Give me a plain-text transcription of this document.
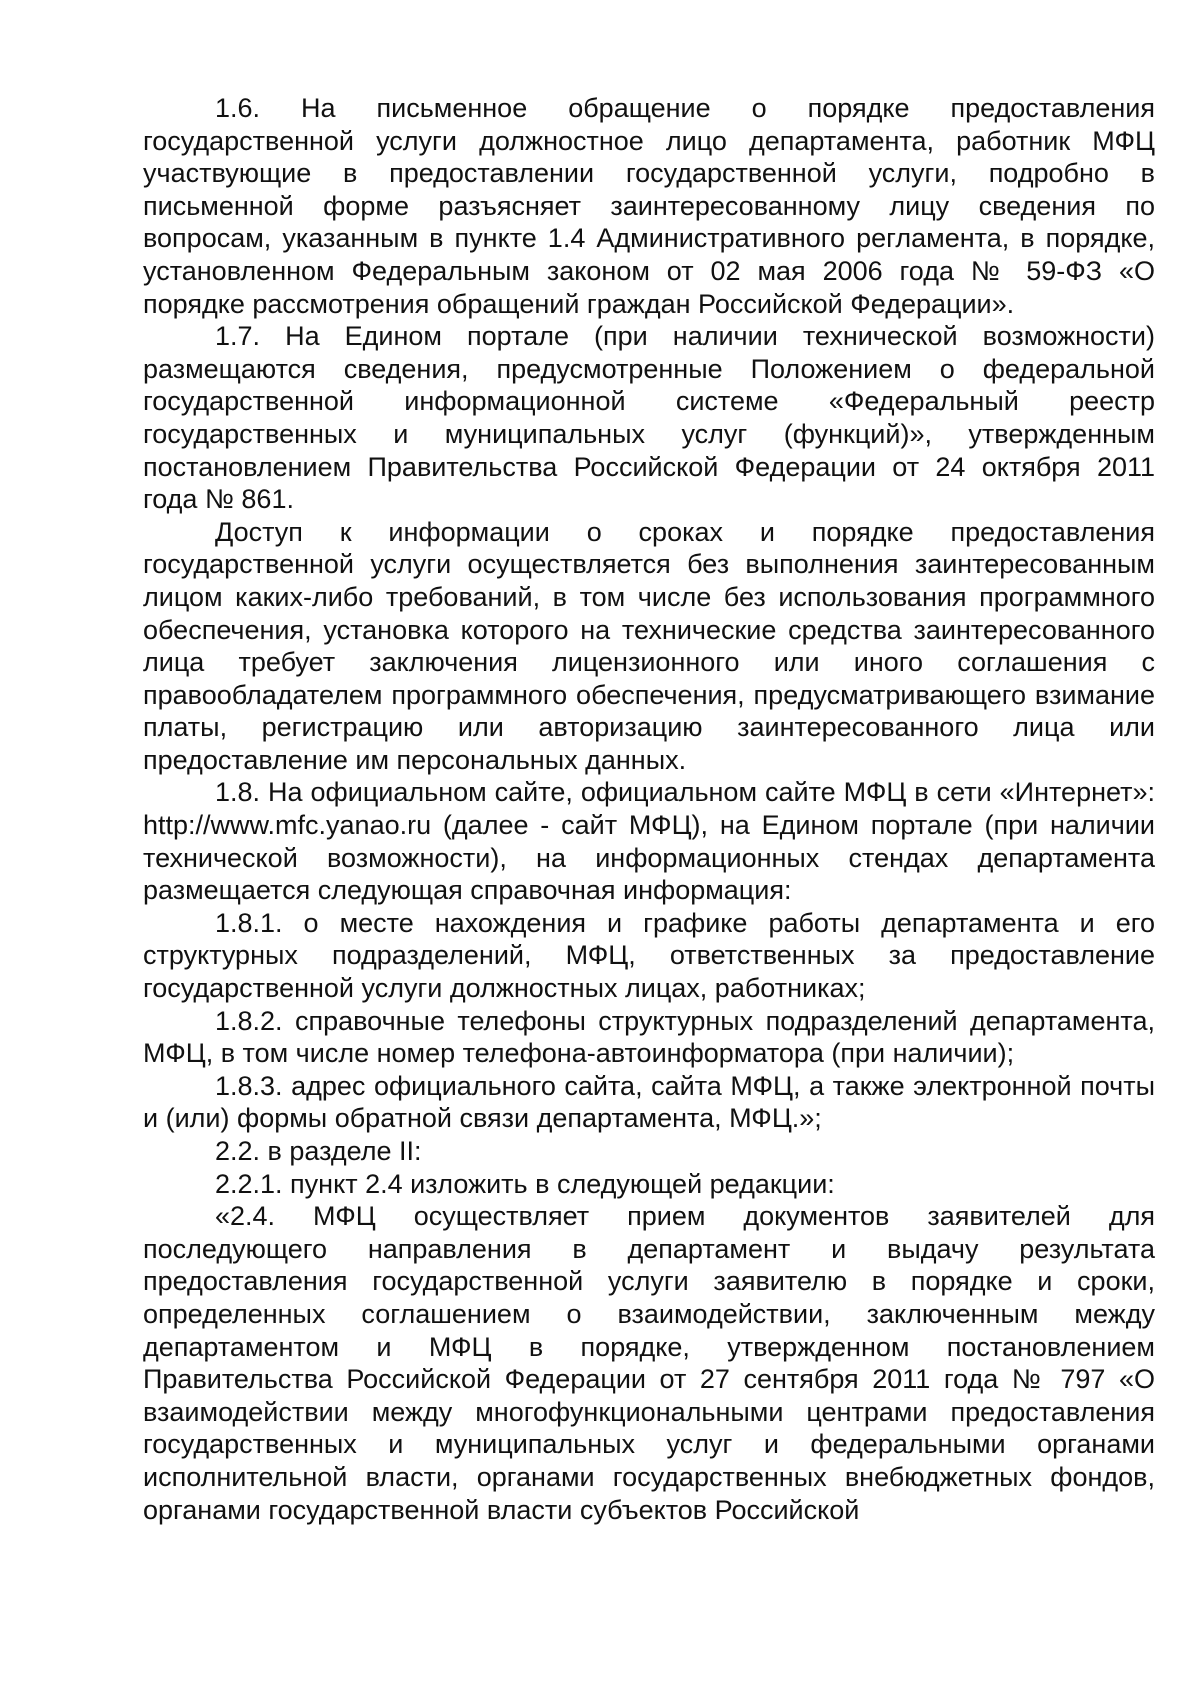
1.6. На письменное обращение о порядке предоставления государственной услуги должностное лицо департамента, работник МФЦ участвующие в предоставлении государственной услуги, подробно в письменной форме разъясняет заинтересованному лицу сведения по вопросам, указанным в пункте 1.4 Административного регламента, в порядке, установленном Федеральным законом от 02 мая 2006 года № 59-ФЗ «О порядке рассмотрения обращений граждан Российской Федерации».

1.7. На Едином портале (при наличии технической возможности) размещаются сведения, предусмотренные Положением о федеральной государственной информационной системе «Федеральный реестр государственных и муниципальных услуг (функций)», утвержденным постановлением Правительства Российской Федерации от 24 октября 2011 года № 861.

Доступ к информации о сроках и порядке предоставления государственной услуги осуществляется без выполнения заинтересованным лицом каких-либо требований, в том числе без использования программного обеспечения, установка которого на технические средства заинтересованного лица требует заключения лицензионного или иного соглашения с правообладателем программного обеспечения, предусматривающего взимание платы, регистрацию или авторизацию заинтересованного лица или предоставление им персональных данных.

1.8. На официальном сайте, официальном сайте МФЦ в сети «Интернет»: http://www.mfc.yanao.ru (далее - сайт МФЦ), на Едином портале (при наличии технической возможности), на информационных стендах департамента размещается следующая справочная информация:

1.8.1. о месте нахождения и графике работы департамента и его структурных подразделений, МФЦ, ответственных за предоставление государственной услуги должностных лицах, работниках;

1.8.2. справочные телефоны структурных подразделений департамента, МФЦ, в том числе номер телефона-автоинформатора (при наличии);

1.8.3. адрес официального сайта, сайта МФЦ, а также электронной почты и (или) формы обратной связи департамента, МФЦ.»;

2.2. в разделе II:

2.2.1. пункт 2.4 изложить в следующей редакции:

«2.4. МФЦ осуществляет прием документов заявителей для последующего направления в департамент и выдачу результата предоставления государственной услуги заявителю в порядке и сроки, определенных соглашением о взаимодействии, заключенным между департаментом и МФЦ в порядке, утвержденном постановлением Правительства Российской Федерации от 27 сентября 2011 года № 797 «О взаимодействии между многофункциональными центрами предоставления государственных и муниципальных услуг и федеральными органами исполнительной власти, органами государственных внебюджетных фондов, органами государственной власти субъектов Российской
